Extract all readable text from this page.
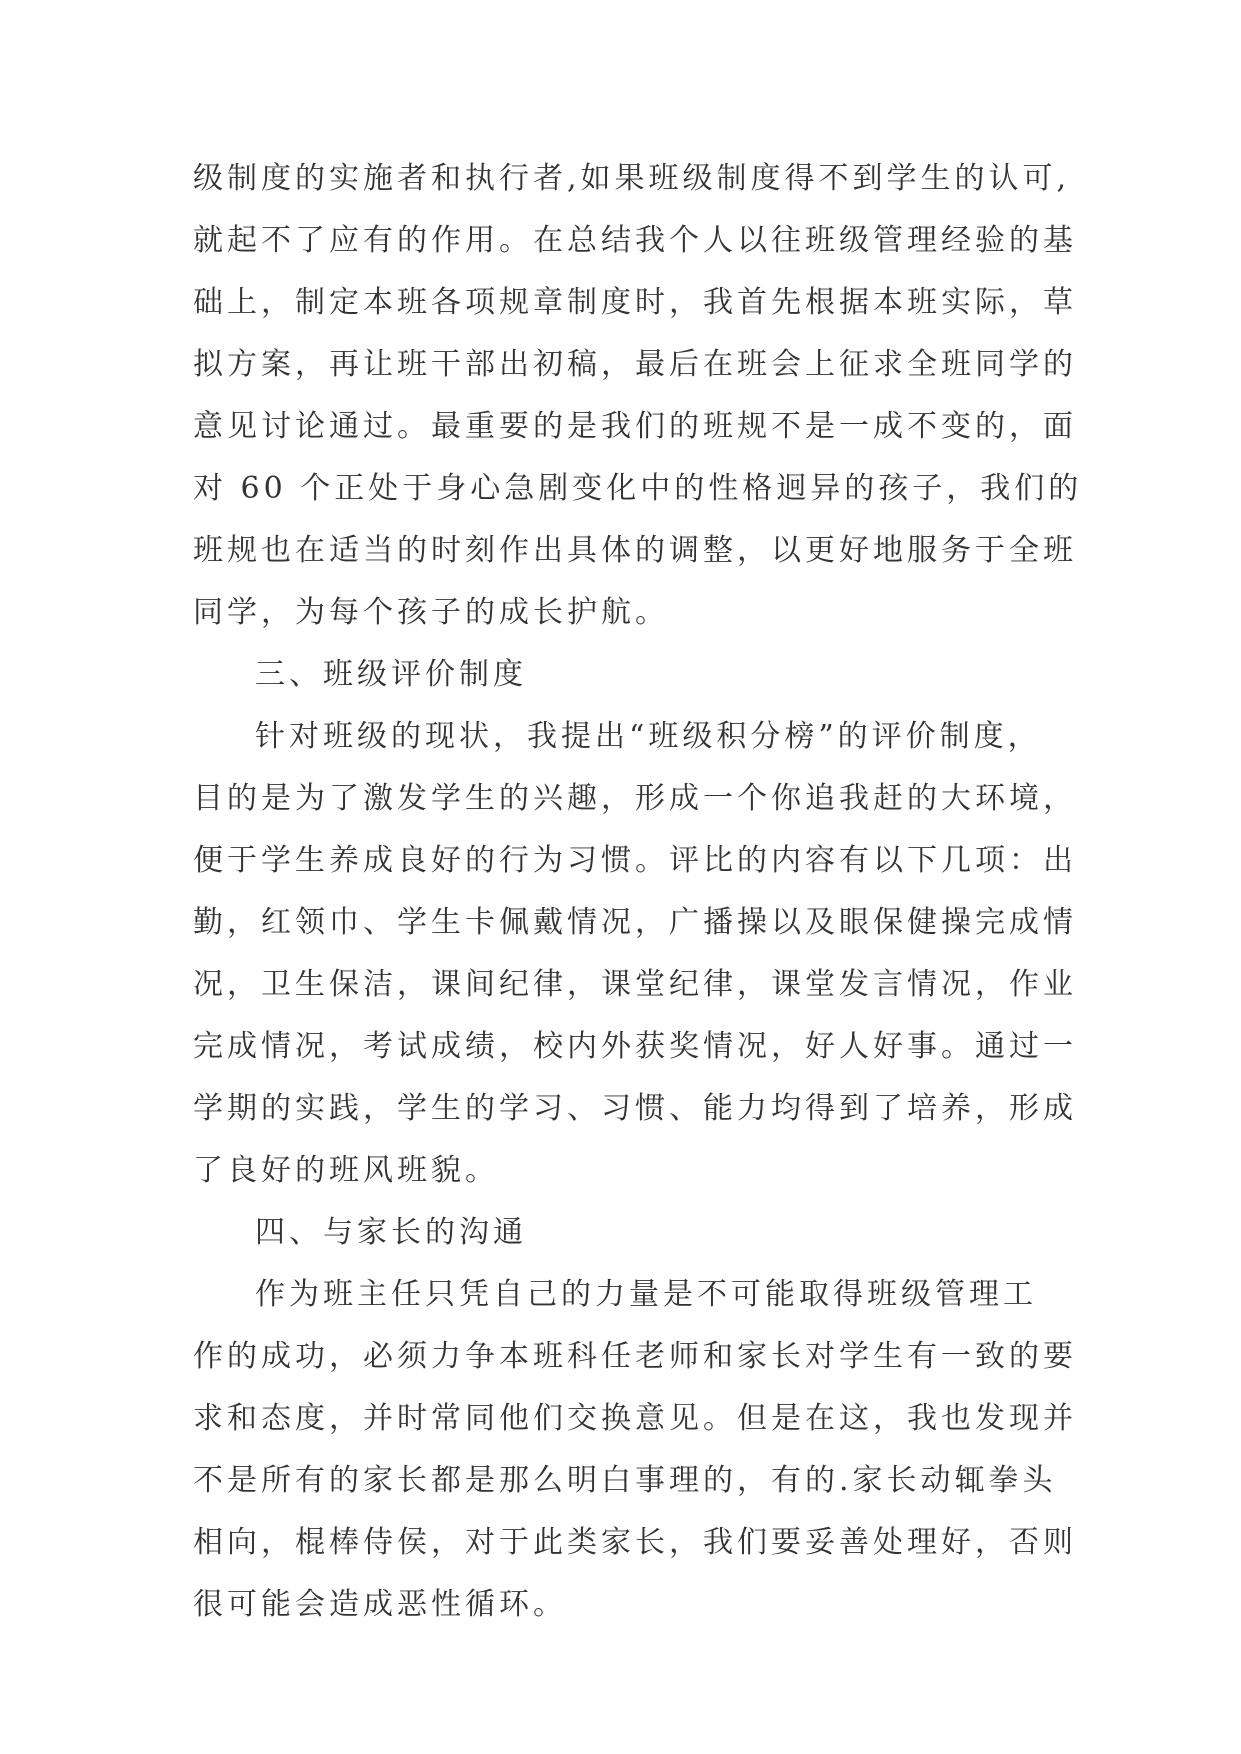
级制度的实施者和执行者,如果班级制度得不到学生的认可,

就起不了应有的作用。在总结我个人以往班级管理经验的基

础上，制定本班各项规章制度时，我首先根据本班实际，草

拟方案，再让班干部出初稿，最后在班会上征求全班同学的

意见讨论通过。最重要的是我们的班规不是一成不变的，面

对 60 个正处于身心急剧变化中的性格迥异的孩子，我们的

班规也在适当的时刻作出具体的调整，以更好地服务于全班

同学，为每个孩子的成长护航。

三、班级评价制度

针对班级的现状，我提出“班级积分榜”的评价制度，

目的是为了激发学生的兴趣，形成一个你追我赶的大环境，

便于学生养成良好的行为习惯。评比的内容有以下几项：出

勤，红领巾、学生卡佩戴情况，广播操以及眼保健操完成情

况，卫生保洁，课间纪律，课堂纪律，课堂发言情况，作业

完成情况，考试成绩，校内外获奖情况，好人好事。通过一

学期的实践，学生的学习、习惯、能力均得到了培养，形成

了良好的班风班貌。

四、与家长的沟通

作为班主任只凭自己的力量是不可能取得班级管理工

作的成功，必须力争本班科任老师和家长对学生有一致的要

求和态度，并时常同他们交换意见。但是在这，我也发现并

不是所有的家长都是那么明白事理的，有的.家长动辄拳头

相向，棍棒侍侯，对于此类家长，我们要妥善处理好，否则

很可能会造成恶性循环。
